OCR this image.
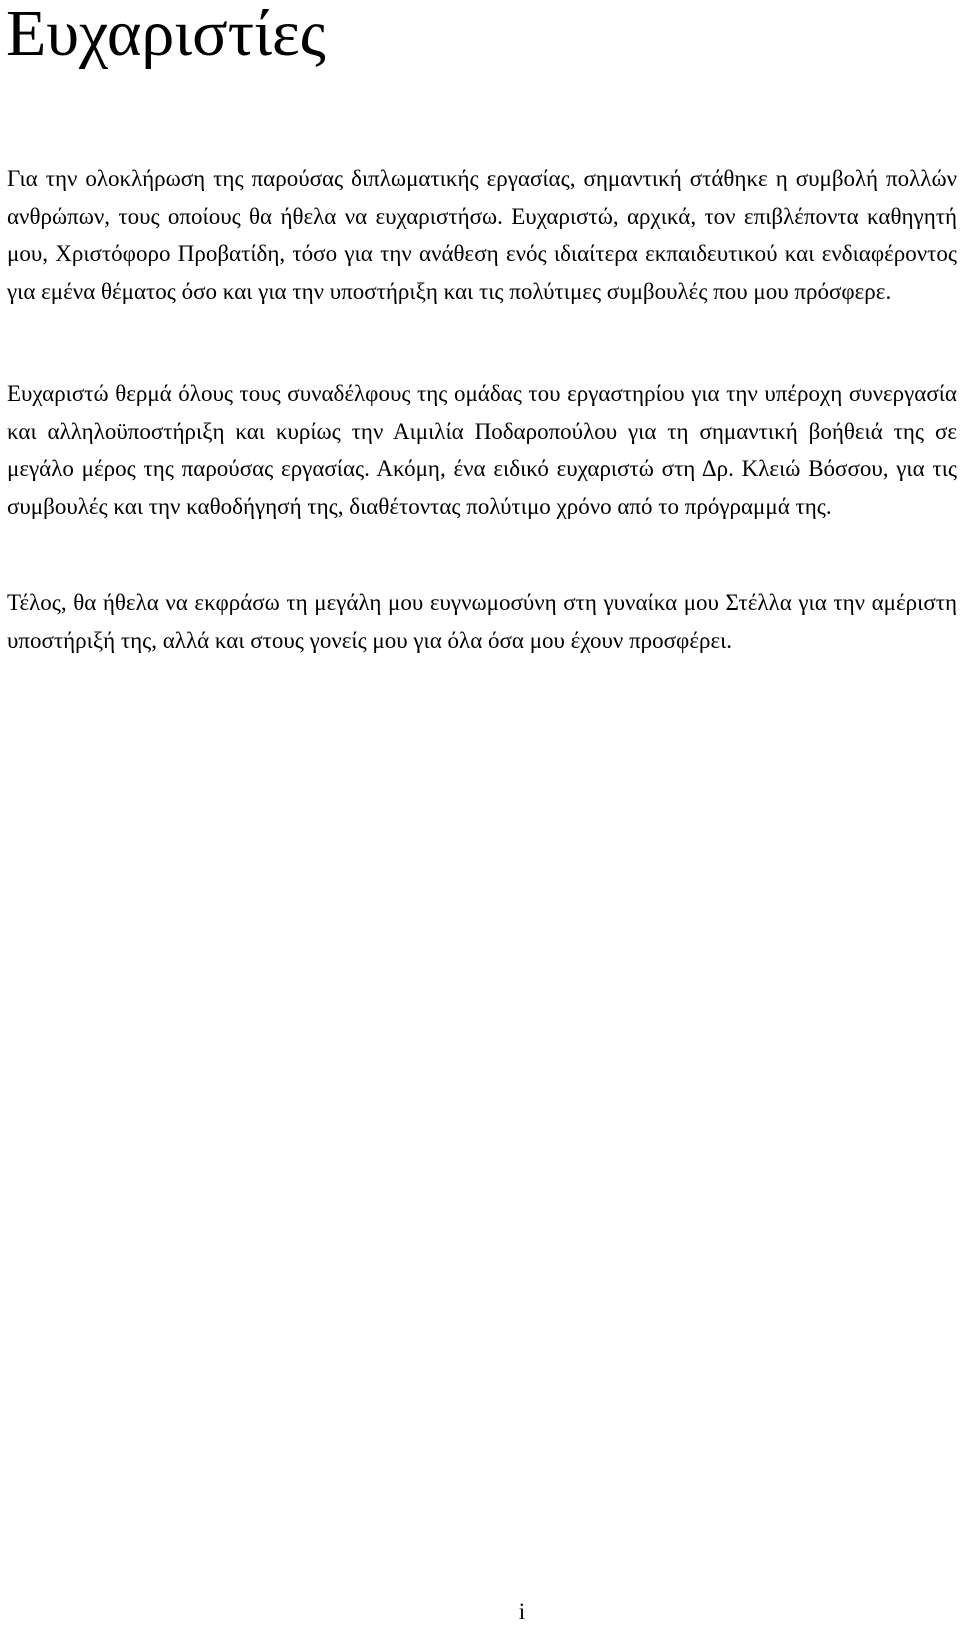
Ευχαριστίες

Για την ολοκλήρωση της παρούσας διπλωματικής εργασίας, σημαντική στάθηκε η συμβολή πολλών ανθρώπων, τους οποίους θα ήθελα να ευχαριστήσω. Ευχαριστώ, αρχικά, τον επιβλέποντα καθηγητή μου, Χριστόφορο Προβατίδη, τόσο για την ανάθεση ενός ιδιαίτερα εκπαιδευτικού και ενδιαφέροντος για εμένα θέματος όσο και για την υποστήριξη και τις πολύτιμες συμβουλές που μου πρόσφερε.

Ευχαριστώ θερμά όλους τους συναδέλφους της ομάδας του εργαστηρίου για την υπέροχη συνεργασία και αλληλοϋποστήριξη και κυρίως την Αιμιλία Ποδαροπούλου για τη σημαντική βοήθειά της σε μεγάλο μέρος της παρούσας εργασίας. Ακόμη, ένα ειδικό ευχαριστώ στη Δρ. Κλειώ Βόσσου, για τις συμβουλές και την καθοδήγησή της, διαθέτοντας πολύτιμο χρόνο από το πρόγραμμά της.

Τέλος, θα ήθελα να εκφράσω τη μεγάλη μου ευγνωμοσύνη στη γυναίκα μου Στέλλα για την αμέριστη υποστήριξή της, αλλά και στους γονείς μου για όλα όσα μου έχουν προσφέρει.

i
